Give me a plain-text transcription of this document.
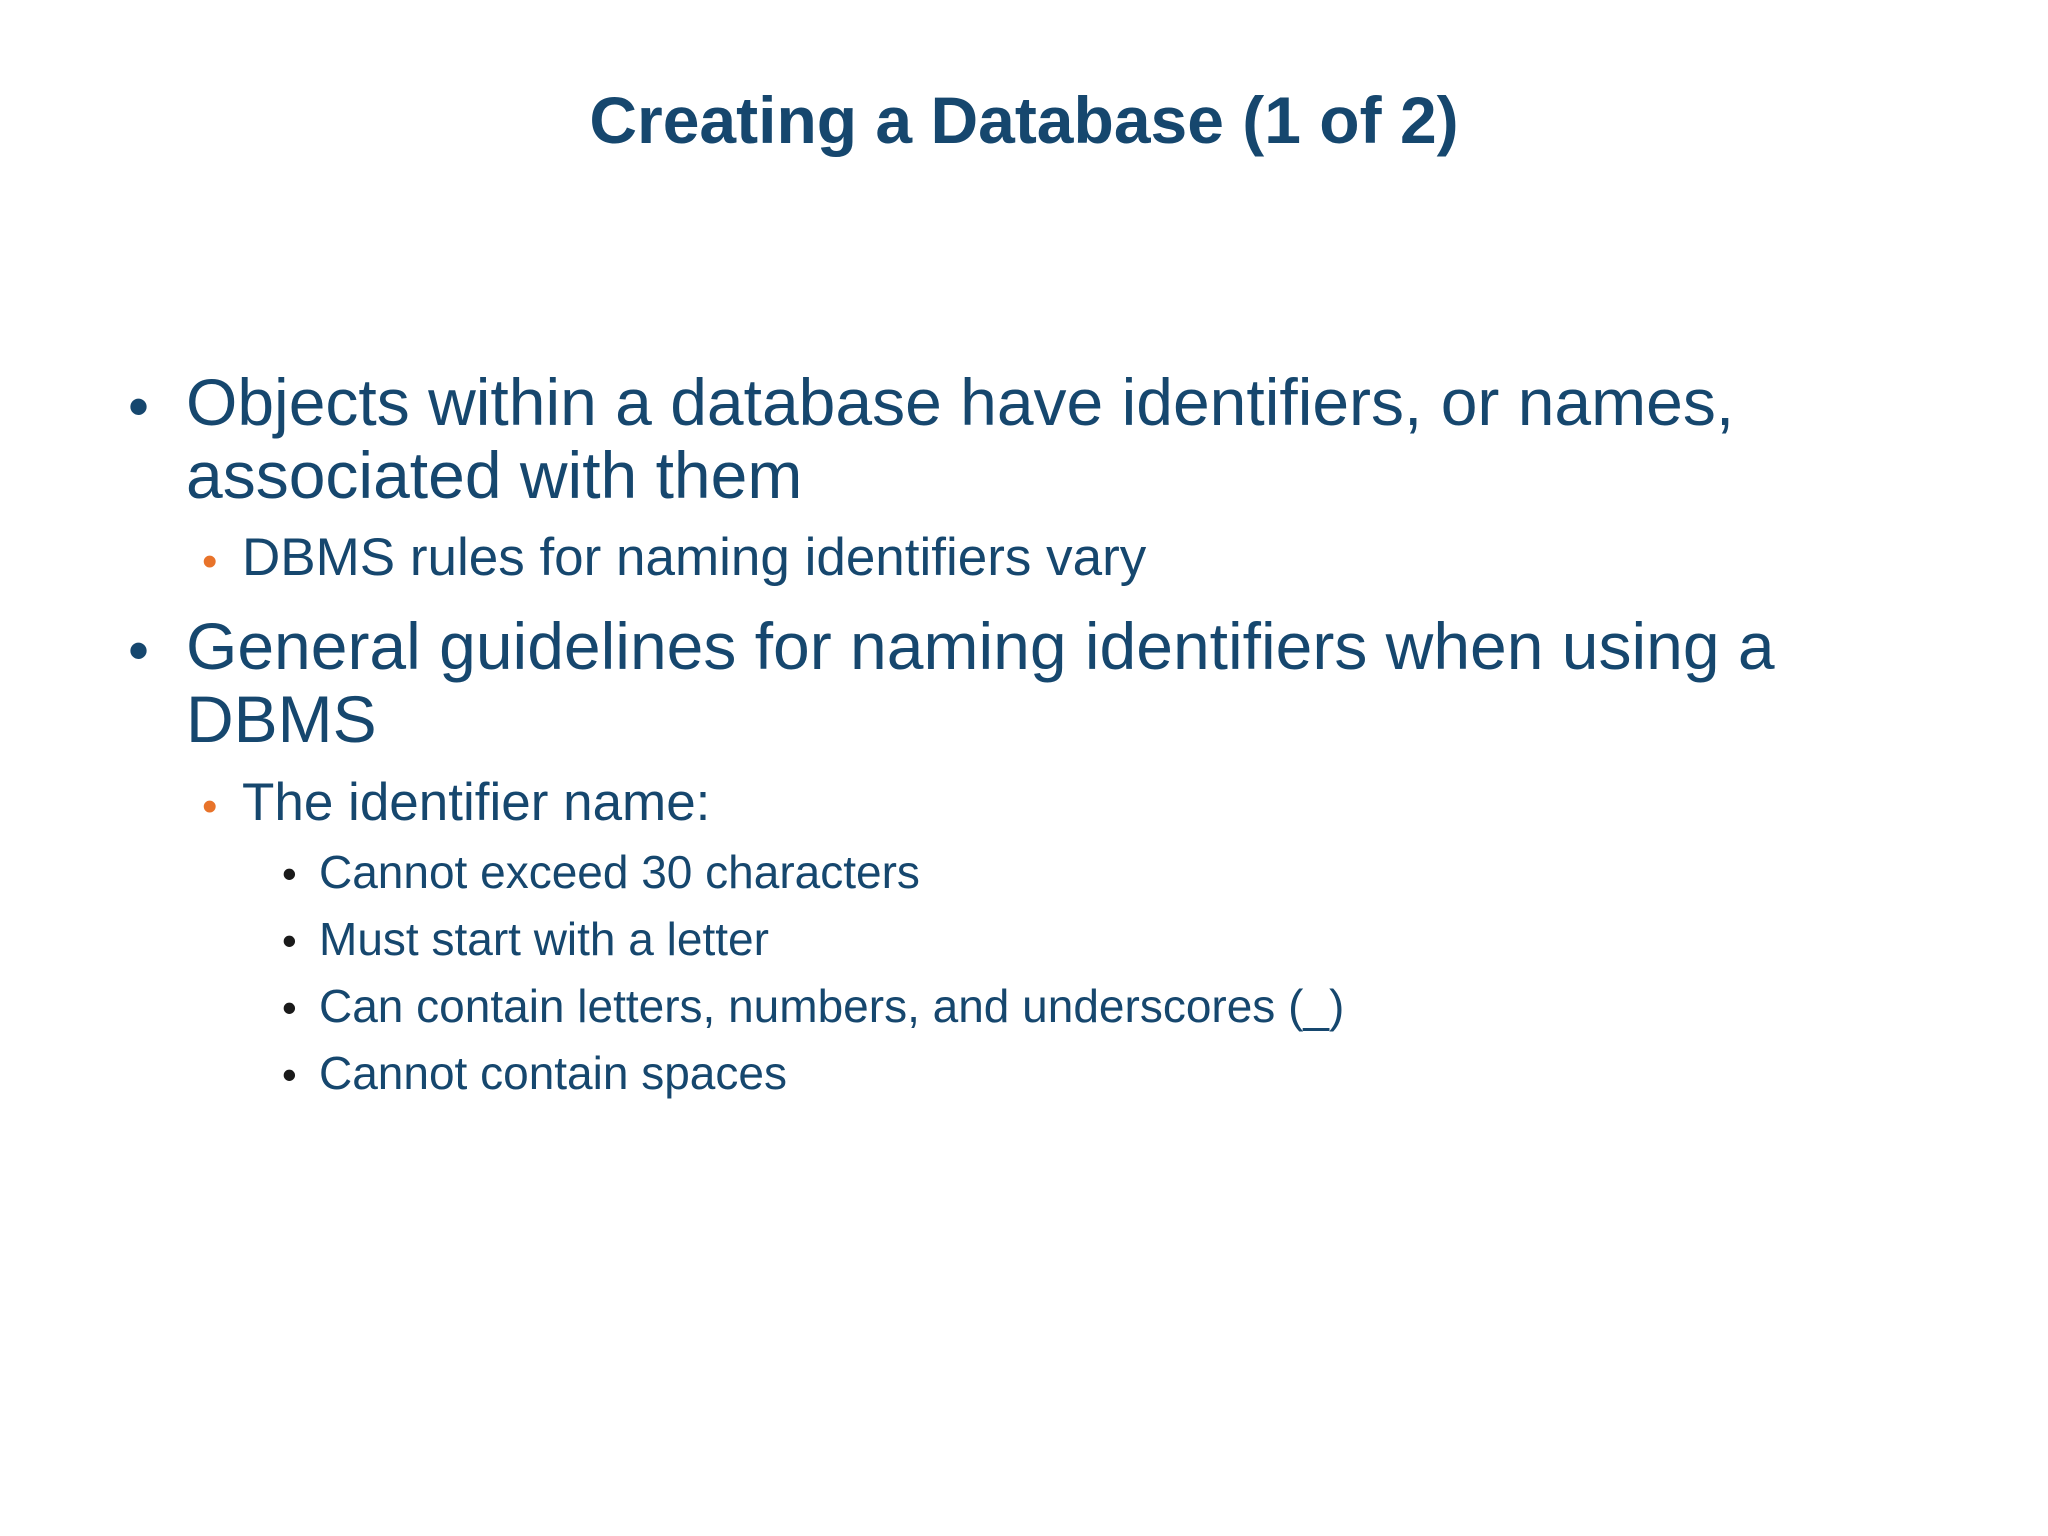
Creating a Database (1 of 2)
• Objects within a database have identifiers, or names,
associated with them
• DBMS rules for naming identifiers vary
• General guidelines for naming identifiers when using a
DBMS
• The identifier name:
• Cannot exceed 30 characters
• Must start with a letter
• Can contain letters, numbers, and underscores (_)
• Cannot contain spaces
